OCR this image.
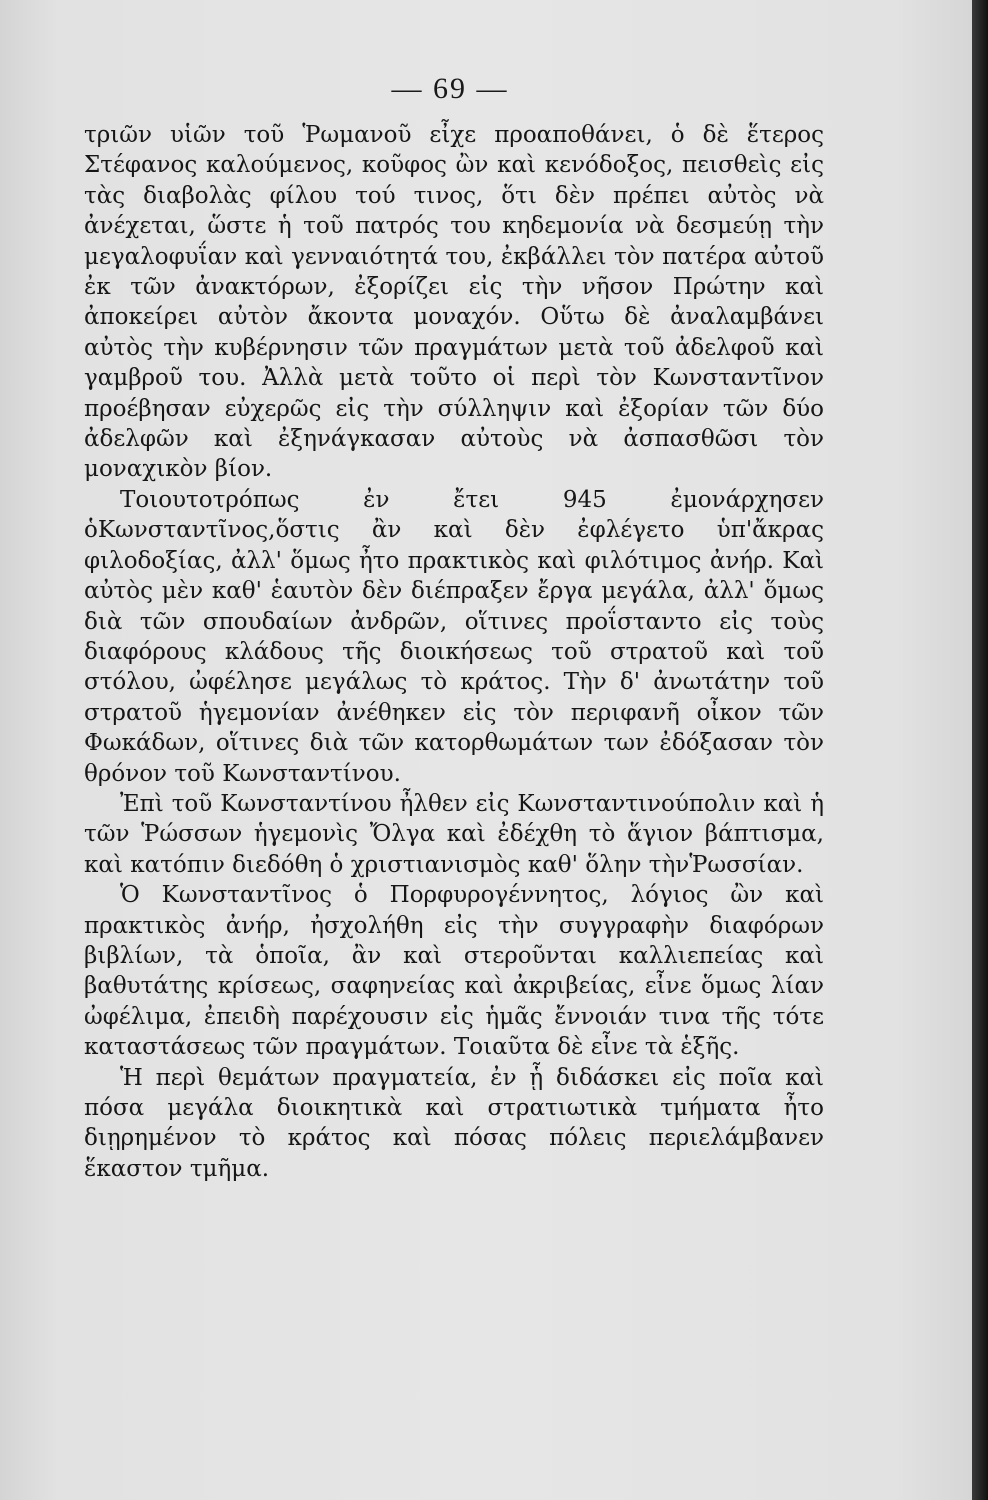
— 69 —

τριῶν υἱῶν τοῦ Ῥωμανοῦ εἶχε προαποθάνει, ὁ δὲ ἕτερος Στέφανος καλούμενος, κοῦφος ὢν καὶ κενόδοξος, πεισθεὶς εἰς τὰς διαβολὰς φίλου τού τινος, ὅτι δὲν πρέπει αὐτὸς νὰ ἀνέχεται, ὥστε ἡ τοῦ πατρός του κηδεμονία νὰ δεσμεύῃ τὴν μεγαλοφυΐαν καὶ γενναιότητά του, ἐκβάλλει τὸν πατέρα αὐτοῦ ἐκ τῶν ἀνακτόρων, ἐξορίζει εἰς τὴν νῆσον Πρώτην καὶ ἀποκείρει αὐτὸν ἄκοντα μοναχόν. Οὕτω δὲ ἀναλαμβάνει αὐτὸς τὴν κυβέρνησιν τῶν πραγμάτων μετὰ τοῦ ἀδελφοῦ καὶ γαμβροῦ του. Ἀλλὰ μετὰ τοῦτο οἱ περὶ τὸν Κωνσταντῖνον προέβησαν εὐχερῶς εἰς τὴν σύλληψιν καὶ ἐξορίαν τῶν δύο ἀδελφῶν καὶ ἐξηνάγκασαν αὐτοὺς νὰ ἀσπασθῶσι τὸν μοναχικὸν βίον.

Τοιουτοτρόπως ἐν ἔτει 945 ἐμονάρχησεν ὁΚωνσταντῖνος,ὅστις ἂν καὶ δὲν ἐφλέγετο ὑπ'ἄκρας φιλοδοξίας, ἀλλ' ὅμως ἦτο πρακτικὸς καὶ φιλότιμος ἀνήρ. Καὶ αὐτὸς μὲν καθ' ἑαυτὸν δὲν διέπραξεν ἔργα μεγάλα, ἀλλ' ὅμως διὰ τῶν σπουδαίων ἀνδρῶν, οἵτινες προΐσταντο εἰς τοὺς διαφόρους κλάδους τῆς διοικήσεως τοῦ στρατοῦ καὶ τοῦ στόλου, ὠφέλησε μεγάλως τὸ κράτος. Τὴν δ' ἀνωτάτην τοῦ στρατοῦ ἡγεμονίαν ἀνέθηκεν εἰς τὸν περιφανῆ οἶκον τῶν Φωκάδων, οἵτινες διὰ τῶν κατορθωμάτων των ἐδόξασαν τὸν θρόνον τοῦ Κωνσταντίνου.

Ἐπὶ τοῦ Κωνσταντίνου ἦλθεν εἰς Κωνσταντινούπολιν καὶ ἡ τῶν Ῥώσσων ἡγεμονὶς Ὄλγα καὶ ἐδέχθη τὸ ἅγιον βάπτισμα, καὶ κατόπιν διεδόθη ὁ χριστιανισμὸς καθ' ὅλην τὴνῬωσσίαν.

Ὁ Κωνσταντῖνος ὁ Πορφυρογέννητος, λόγιος ὢν καὶ πρακτικὸς ἀνήρ, ἠσχολήθη εἰς τὴν συγγραφὴν διαφόρων βιβλίων, τὰ ὁποῖα, ἂν καὶ στεροῦνται καλλιεπείας καὶ βαθυτάτης κρίσεως, σαφηνείας καὶ ἀκριβείας, εἶνε ὅμως λίαν ὠφέλιμα, ἐπειδὴ παρέχουσιν εἰς ἡμᾶς ἔννοιάν τινα τῆς τότε καταστάσεως τῶν πραγμάτων. Τοιαῦτα δὲ εἶνε τὰ ἑξῆς.

Ἡ περὶ θεμάτων πραγματεία, ἐν ᾗ διδάσκει εἰς ποῖα καὶ πόσα μεγάλα διοικητικὰ καὶ στρατιωτικὰ τμήματα ἦτο διῃρημένον τὸ κράτος καὶ πόσας πόλεις περιελάμβανεν ἕκαστον τμῆμα.
